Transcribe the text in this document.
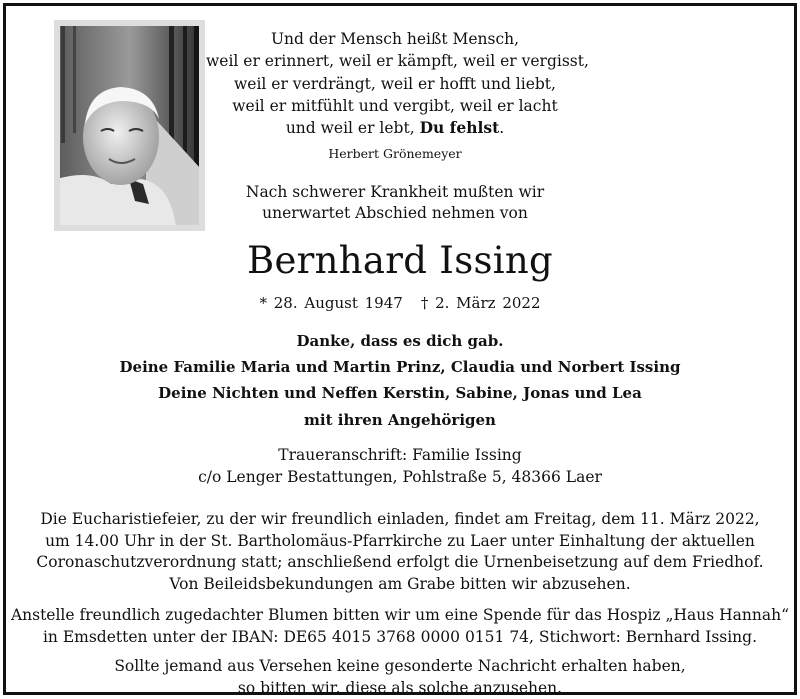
Und der Mensch heißt Mensch,
weil er erinnert, weil er kämpft, weil er vergisst,
weil er verdrängt, weil er hofft und liebt,
weil er mitfühlt und vergibt, weil er lacht
und weil er lebt, Du fehlst.
Herbert Grönemeyer
Nach schwerer Krankheit mußten wir
unerwartet Abschied nehmen von
Bernhard Issing
* 28. August 1947 † 2. März 2022
Danke, dass es dich gab.
Deine Familie Maria und Martin Prinz, Claudia und Norbert Issing
Deine Nichten und Neffen Kerstin, Sabine, Jonas und Lea
mit ihren Angehörigen
Traueranschrift: Familie Issing
c/o Lenger Bestattungen, Pohlstraße 5, 48366 Laer
Die Eucharistiefeier, zu der wir freundlich einladen, findet am Freitag, dem 11. März 2022,
um 14.00 Uhr in der St. Bartholomäus-Pfarrkirche zu Laer unter Einhaltung der aktuellen
Coronaschutzverordnung statt; anschließend erfolgt die Urnenbeisetzung auf dem Friedhof.
Von Beileidsbekundungen am Grabe bitten wir abzusehen.
Anstelle freundlich zugedachter Blumen bitten wir um eine Spende für das Hospiz „Haus Hannah“
in Emsdetten unter der IBAN: DE65 4015 3768 0000 0151 74, Stichwort: Bernhard Issing.
Sollte jemand aus Versehen keine gesonderte Nachricht erhalten haben,
so bitten wir, diese als solche anzusehen.
